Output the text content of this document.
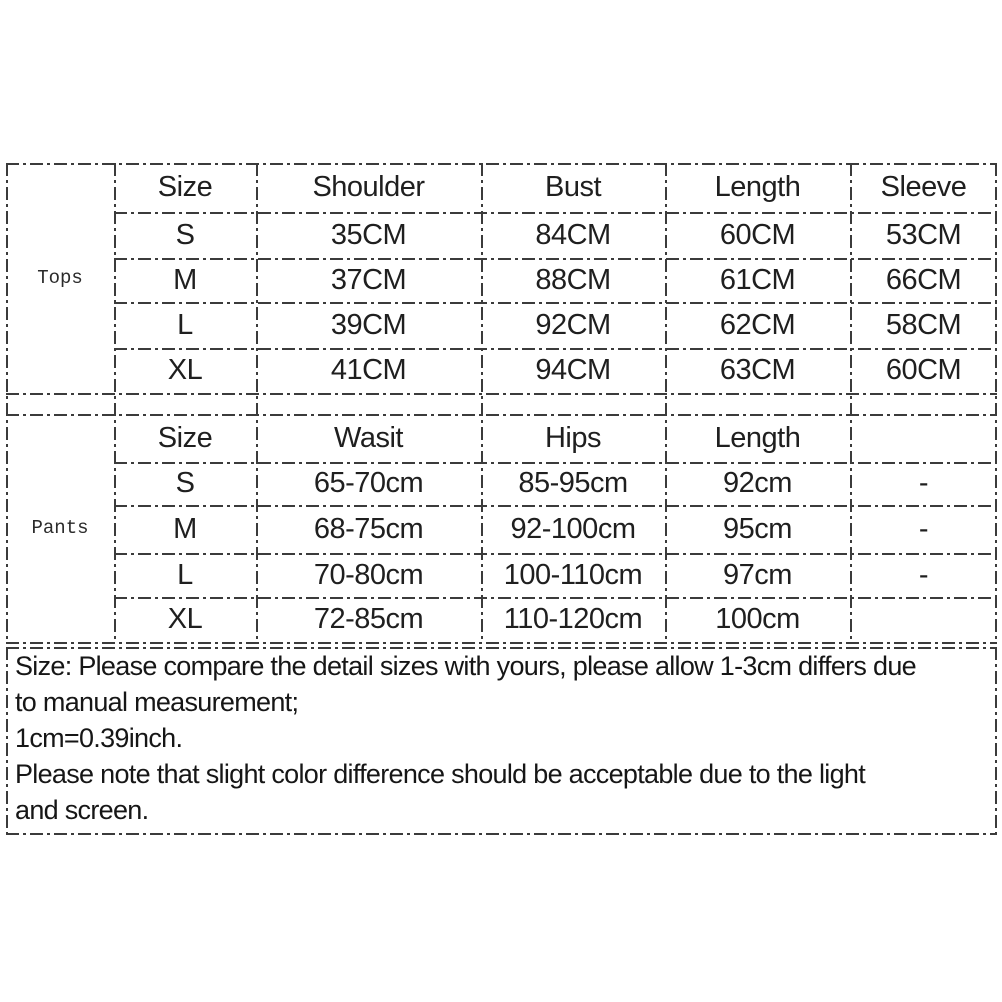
Tops
Size	Shoulder	Bust	Length	Sleeve
S	35CM	84CM	60CM	53CM
M	37CM	88CM	61CM	66CM
L	39CM	92CM	62CM	58CM
XL	41CM	94CM	63CM	60CM
Pants
Size	Wasit	Hips	Length
S	65-70cm	85-95cm	92cm	-
M	68-75cm	92-100cm	95cm	-
L	70-80cm	100-110cm	97cm	-
XL	72-85cm	110-120cm	100cm
Size: Please compare the detail sizes with yours, please allow 1-3cm differs due
to manual measurement;
1cm=0.39inch.
Please note that slight color difference should be acceptable due to the light
and screen.
